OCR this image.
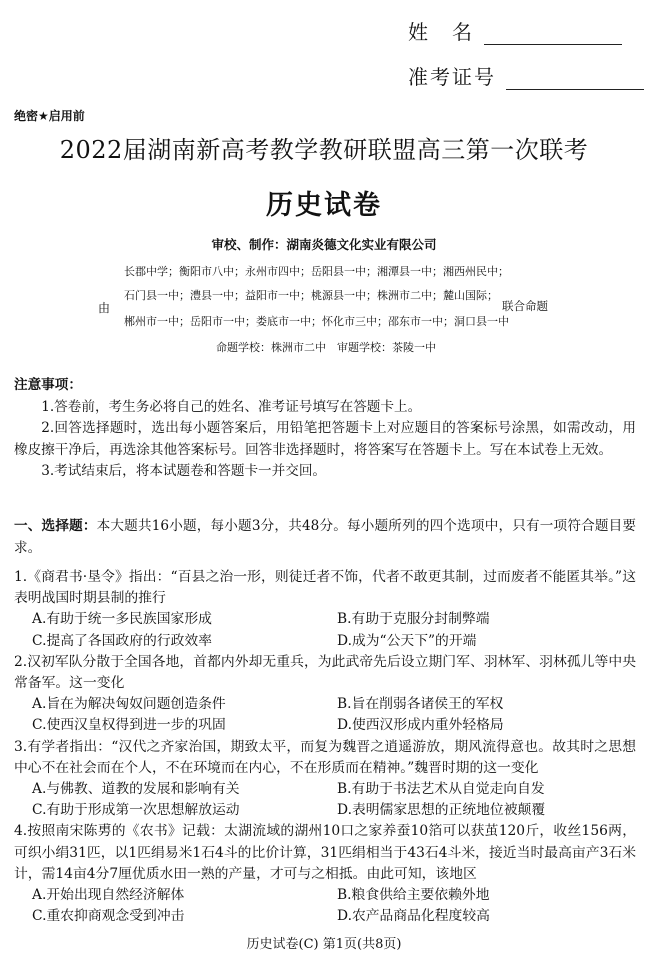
姓　名
准考证号
绝密★启用前
2022届湖南新高考教学教研联盟高三第一次联考
历史试卷
审校、制作：湖南炎德文化实业有限公司
由
长郡中学；衡阳市八中；永州市四中；岳阳县一中；湘潭县一中；湘西州民中；
石门县一中；澧县一中；益阳市一中；桃源县一中；株洲市二中；麓山国际；
郴州市一中；岳阳市一中；娄底市一中；怀化市三中；邵东市一中；洞口县一中
命题学校：株洲市二中　审题学校：茶陵一中
联合命题
注意事项：
1.答卷前，考生务必将自己的姓名、准考证号填写在答题卡上。
2.回答选择题时，选出每小题答案后，用铅笔把答题卡上对应题目的答案标号涂黑，如需改动，用橡皮擦干净后，再选涂其他答案标号。回答非选择题时，将答案写在答题卡上。写在本试卷上无效。
3.考试结束后，将本试题卷和答题卡一并交回。
一、选择题：本大题共16小题，每小题3分，共48分。每小题所列的四个选项中，只有一项符合题目要求。
1.《商君书·垦令》指出：“百县之治一形，则徒迁者不饰，代者不敢更其制，过而废者不能匿其举。”这表明战国时期县制的推行
A.有助于统一多民族国家形成	B.有助于克服分封制弊端
C.提高了各国政府的行政效率	D.成为“公天下”的开端
2.汉初军队分散于全国各地，首都内外却无重兵，为此武帝先后设立期门军、羽林军、羽林孤儿等中央常备军。这一变化
A.旨在为解决匈奴问题创造条件	B.旨在削弱各诸侯王的军权
C.使西汉皇权得到进一步的巩固	D.使西汉形成内重外轻格局
3.有学者指出：“汉代之齐家治国，期致太平，而复为魏晋之逍遥游放，期风流得意也。故其时之思想中心不在社会而在个人，不在环境而在内心，不在形质而在精神。”魏晋时期的这一变化
A.与佛教、道教的发展和影响有关	B.有助于书法艺术从自觉走向自发
C.有助于形成第一次思想解放运动	D.表明儒家思想的正统地位被颠覆
4.按照南宋陈旉的《农书》记载：太湖流域的湖州10口之家养蚕10箔可以获茧120斤，收丝156两，可织小绢31匹，以1匹绢易米1石4斗的比价计算，31匹绢相当于43石4斗米，接近当时最高亩产3石米计，需14亩4分7厘优质水田一熟的产量，才可与之相抵。由此可知，该地区
A.开始出现自然经济解体	B.粮食供给主要依赖外地
C.重农抑商观念受到冲击	D.农产品商品化程度较高
历史试卷(C) 第1页(共8页)
